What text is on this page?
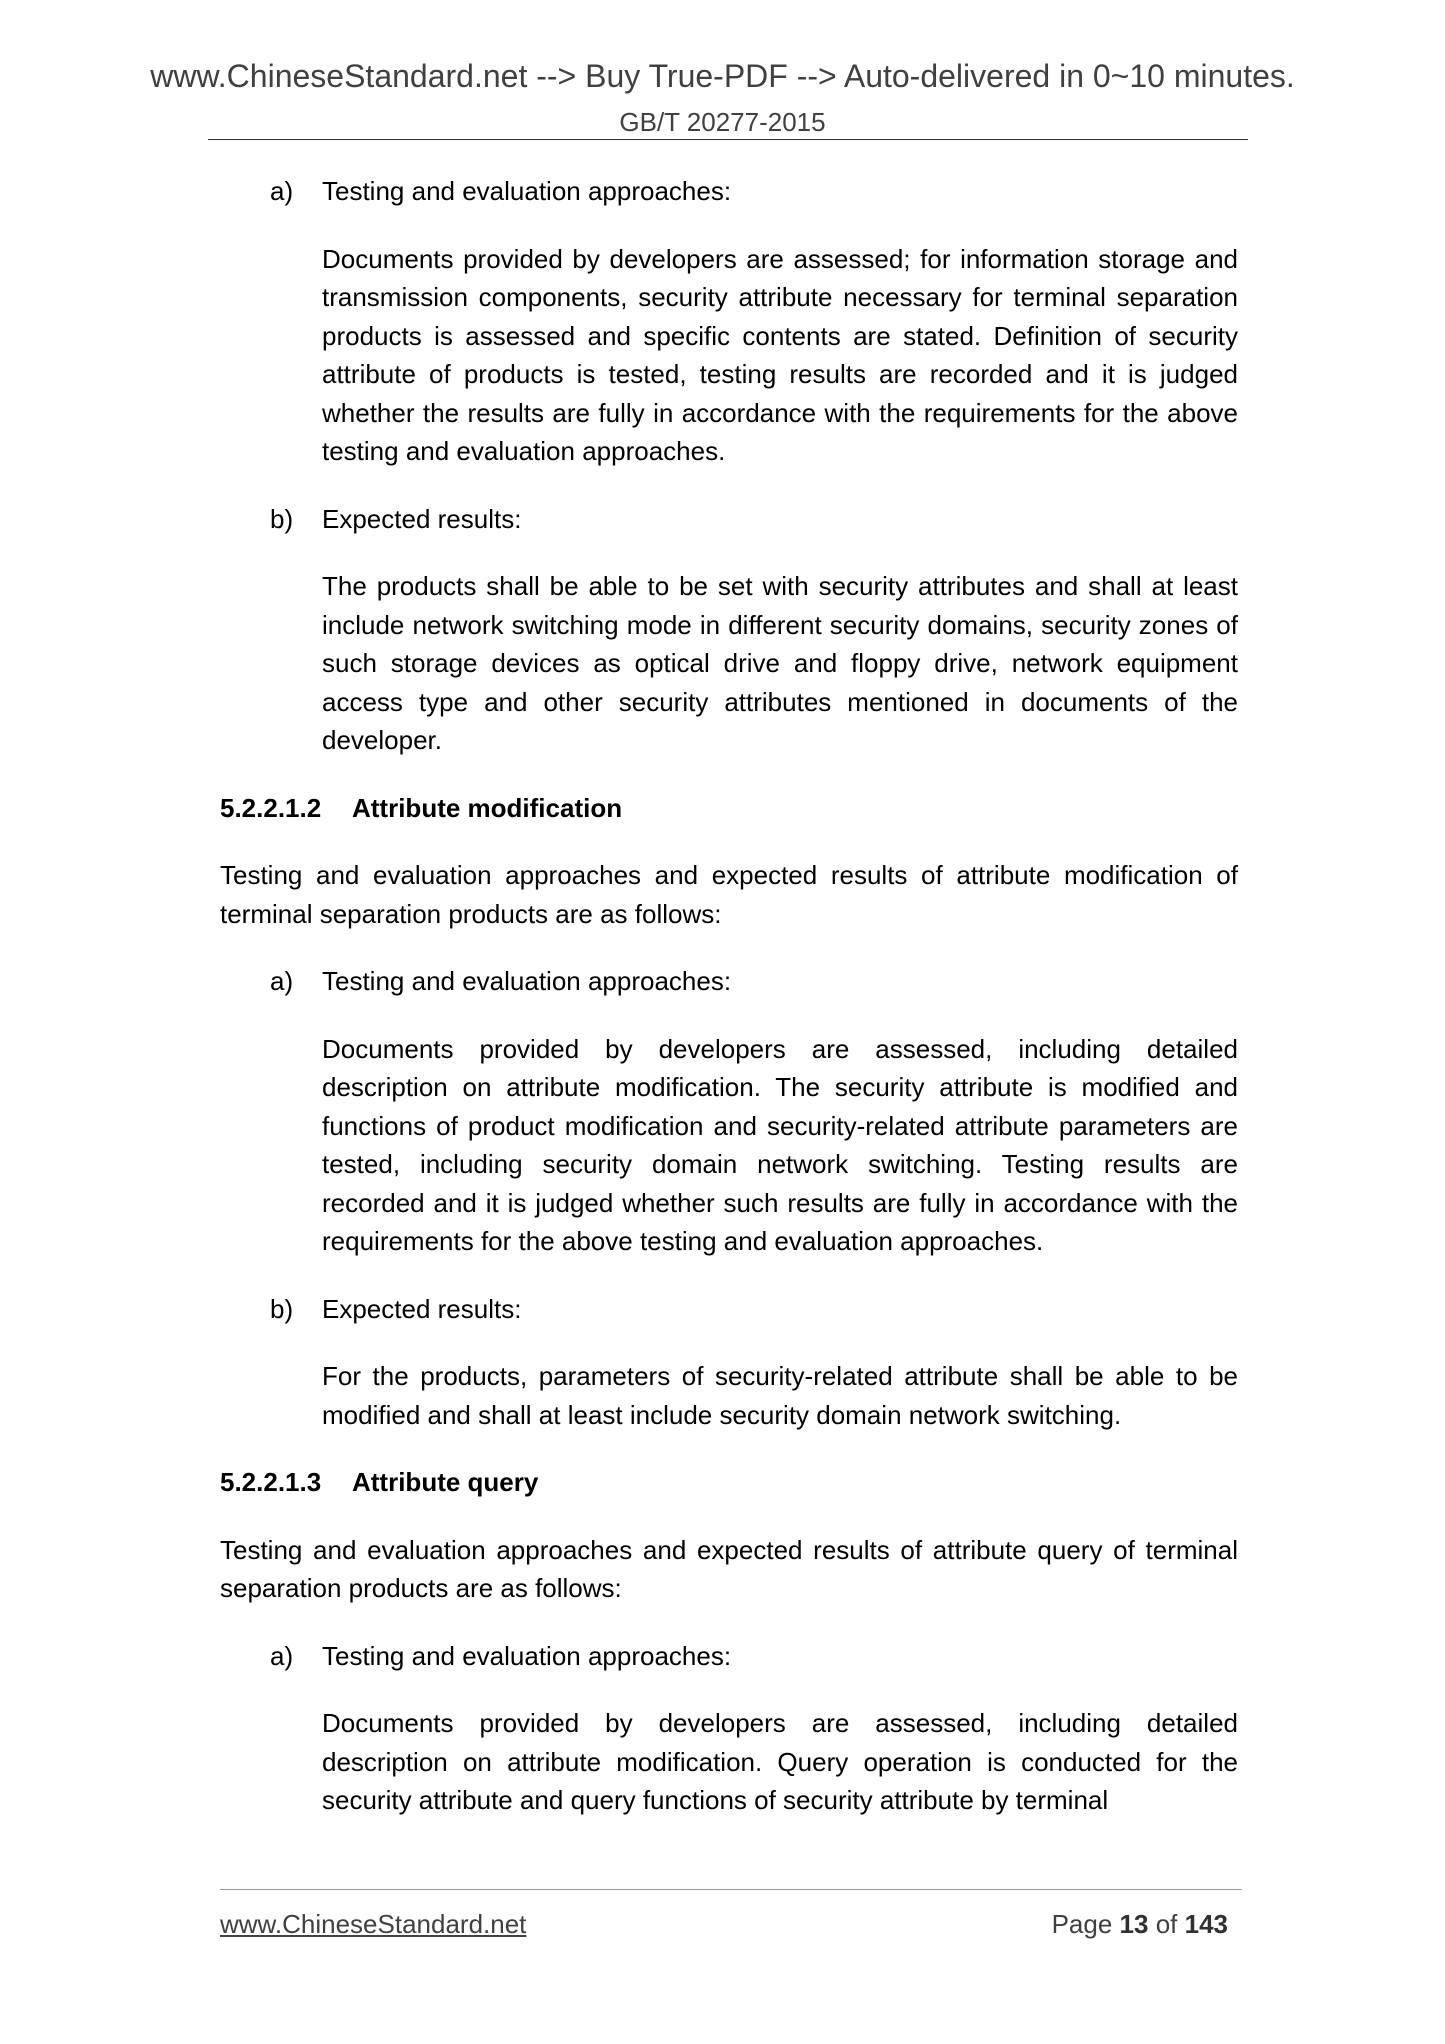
www.ChineseStandard.net --> Buy True-PDF --> Auto-delivered in 0~10 minutes.
GB/T 20277-2015
a) Testing and evaluation approaches:

Documents provided by developers are assessed; for information storage and transmission components, security attribute necessary for terminal separation products is assessed and specific contents are stated. Definition of security attribute of products is tested, testing results are recorded and it is judged whether the results are fully in accordance with the requirements for the above testing and evaluation approaches.

b) Expected results:

The products shall be able to be set with security attributes and shall at least include network switching mode in different security domains, security zones of such storage devices as optical drive and floppy drive, network equipment access type and other security attributes mentioned in documents of the developer.

5.2.2.1.2 Attribute modification

Testing and evaluation approaches and expected results of attribute modification of terminal separation products are as follows:

a) Testing and evaluation approaches:

Documents provided by developers are assessed, including detailed description on attribute modification. The security attribute is modified and functions of product modification and security-related attribute parameters are tested, including security domain network switching. Testing results are recorded and it is judged whether such results are fully in accordance with the requirements for the above testing and evaluation approaches.

b) Expected results:

For the products, parameters of security-related attribute shall be able to be modified and shall at least include security domain network switching.

5.2.2.1.3 Attribute query

Testing and evaluation approaches and expected results of attribute query of terminal separation products are as follows:

a) Testing and evaluation approaches:

Documents provided by developers are assessed, including detailed description on attribute modification. Query operation is conducted for the security attribute and query functions of security attribute by terminal

www.ChineseStandard.net	Page 13 of 143
